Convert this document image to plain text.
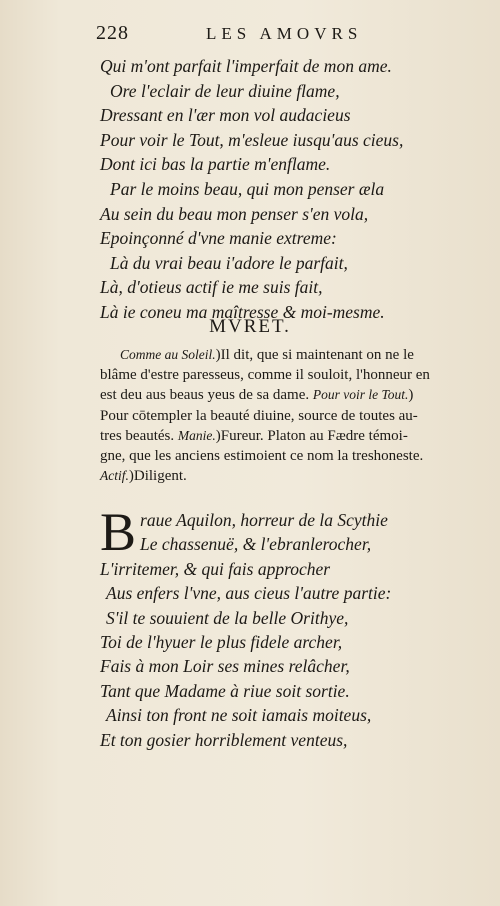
228	LES AMOVRS
Qui m'ont parfait l'imperfait de mon ame.
Ore l'eclair de leur diuine flame,
Dressant en l'ær mon vol audacieus
Pour voir le Tout, m'esleue iusqu'aus cieus,
Dont ici bas la partie m'enflame.
Par le moins beau, qui mon penser æla
Au sein du beau mon penser s'en vola,
Epoinçonné d'vne manie extreme:
Là du vrai beau i'adore le parfait,
Là, d'otieus actif ie me suis fait,
Là ie coneu ma maîtresse & moi-mesme.
MVRET.
Comme au Soleil.)Il dit, que si maintenant on ne le
blâme d'estre paresseus, comme il souloit, l'honneur en
est deu aus beaus yeus de sa dame. Pour voir le Tout.)
Pour cōtempler la beauté diuine, source de toutes au-
tres beautés. Manie.)Fureur. Platon au Fædre témoi-
gne, que les anciens estimoient ce nom la treshoneste.
Actif.)Diligent.
B raue Aquilon, horreur de la Scythie
Le chassenuë, & l'ebranlerocher,
L'irritemer, & qui fais approcher
Aus enfers l'vne, aus cieus l'autre partie:
S'il te souuient de la belle Orithye,
Toi de l'hyuer le plus fidele archer,
Fais à mon Loir ses mines relâcher,
Tant que Madame à riue soit sortie.
Ainsi ton front ne soit iamais moiteus,
Et ton gosier horriblement venteus,
